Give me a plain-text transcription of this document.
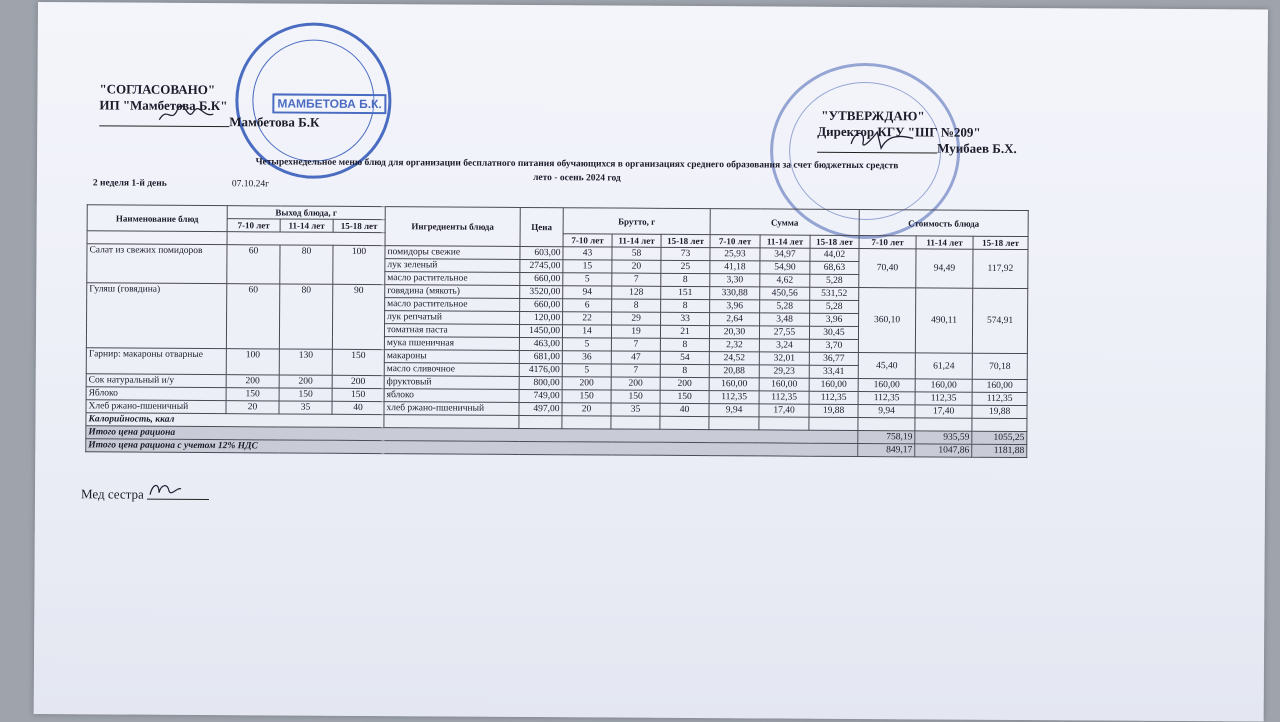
МАМБЕТОВА Б.К.
"СОГЛАСОВАНО"
ИП "Мамбетова Б.К"
Мамбетова Б.К	"УТВЕРЖДАЮ"
Директор КГУ "ШГ №209"
Муибаев Б.Х.
Четырехнедельное меню блюд для организации бесплатного питания обучающихся в организациях среднего образования за счет бюджетных средств
лето - осень 2024 год
2 неделя 1-й день	07.10.24г
Наименование блюд	Выход блюда, г			Ингредиенты блюда	Цена	Брутто, г			Сумма			Стоимость блюда		
	7-10 лет	11-14 лет	15-18 лет											
						7-10 лет	11-14 лет	15-18 лет	7-10 лет	11-14 лет	15-18 лет	7-10 лет	11-14 лет	15-18 лет
Салат из свежих помидоров	60	80	100	помидоры свежие	603,00	43	58	73	25,93	34,97	44,02	70,40	94,49	117,92
				лук зеленый	2745,00	15	20	25	41,18	54,90	68,63			
				масло растительное	660,00	5	7	8	3,30	4,62	5,28			
Гуляш (говядина)	60	80	90	говядина (мякоть)	3520,00	94	128	151	330,88	450,56	531,52	360,10	490,11	574,91
				масло растительное	660,00	6	8	8	3,96	5,28	5,28			
				лук репчатый	120,00	22	29	33	2,64	3,48	3,96			
				томатная паста	1450,00	14	19	21	20,30	27,55	30,45			
				мука пшеничная	463,00	5	7	8	2,32	3,24	3,70			
Гарнир: макароны отварные	100	130	150	макароны	681,00	36	47	54	24,52	32,01	36,77	45,40	61,24	70,18
				масло сливочное	4176,00	5	7	8	20,88	29,23	33,41			
Сок натуральный и/у	200	200	200	фруктовый	800,00	200	200	200	160,00	160,00	160,00	160,00	160,00	160,00
Яблоко	150	150	150	яблоко	749,00	150	150	150	112,35	112,35	112,35	112,35	112,35	112,35
Хлеб ржано-пшеничный	20	35	40	хлеб ржано-пшеничный	497,00	20	35	40	9,94	17,40	19,88	9,94	17,40	19,88
Калорийность, ккал														
Итого цена рациона												758,19	935,59	1055,25
Итого цена рациона с учетом 12% НДС												849,17	1047,86	1181,88
Мед сестра
